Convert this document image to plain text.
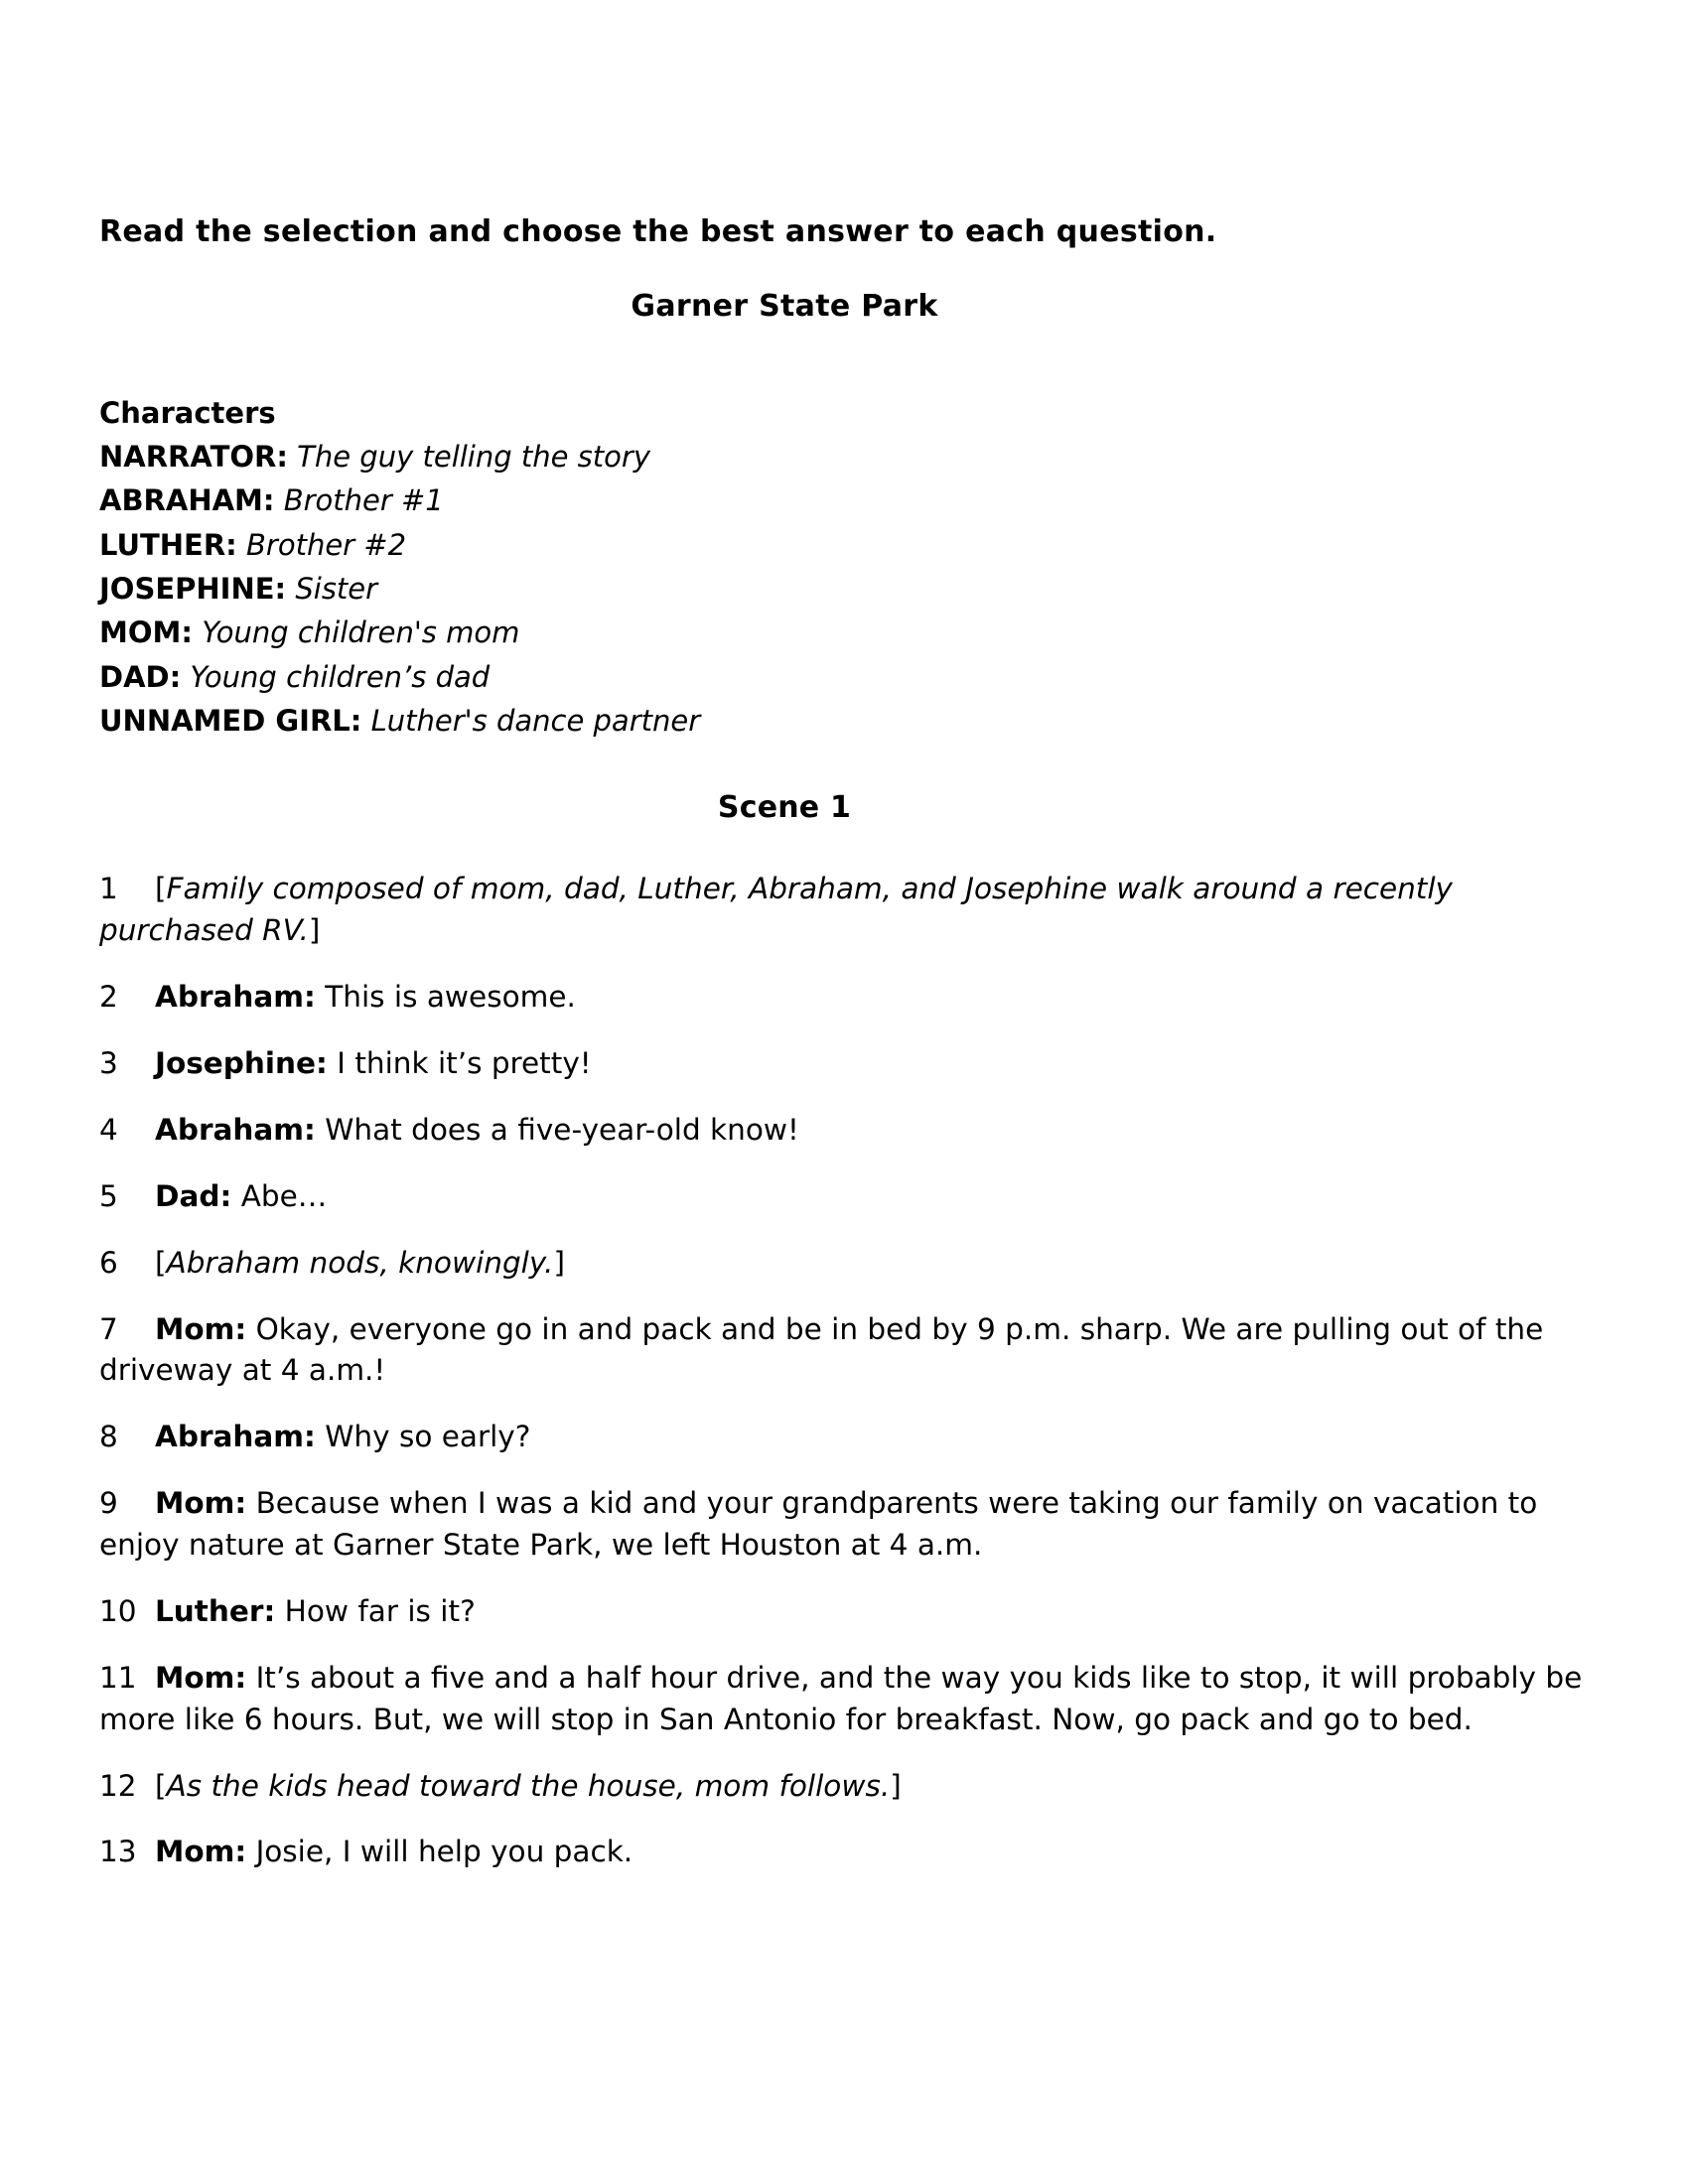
Read the selection and choose the best answer to each question.
Garner State Park
Characters
NARRATOR: The guy telling the story
ABRAHAM: Brother #1
LUTHER: Brother #2
JOSEPHINE: Sister
MOM: Young children's mom
DAD: Young children’s dad
UNNAMED GIRL: Luther's dance partner
Scene 1
1 [Family composed of mom, dad, Luther, Abraham, and Josephine walk around a recently purchased RV.]
2 Abraham: This is awesome.
3 Josephine: I think it’s pretty!
4 Abraham: What does a five-year-old know!
5 Dad: Abe…
6 [Abraham nods, knowingly.]
7 Mom: Okay, everyone go in and pack and be in bed by 9 p.m. sharp. We are pulling out of the driveway at 4 a.m.!
8 Abraham: Why so early?
9 Mom: Because when I was a kid and your grandparents were taking our family on vacation to enjoy nature at Garner State Park, we left Houston at 4 a.m.
10 Luther: How far is it?
11 Mom: It’s about a five and a half hour drive, and the way you kids like to stop, it will probably be more like 6 hours. But, we will stop in San Antonio for breakfast. Now, go pack and go to bed.
12 [As the kids head toward the house, mom follows.]
13 Mom: Josie, I will help you pack.
